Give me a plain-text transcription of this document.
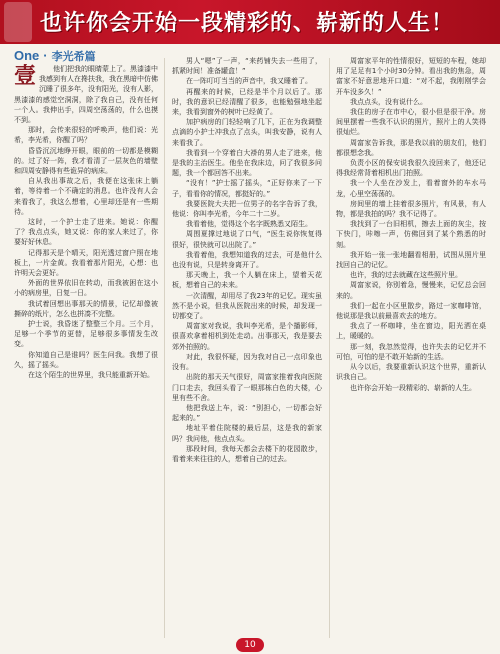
也许你会开始一段精彩的、崭新的人生！
One · 李光希篇
壹	他们把我的眼睛蒙上了。黑漆漆中我感到有人在搀扶我，我在黑暗中仿佛沉睡了很多年，没有阳光，没有人影，黑漆漆的感觉空洞洞，除了我自己，没有任何一个人。我伸出手，四周空荡荡的，什么也摸不到。

那时，会传来很轻的呼唤声，他们说：光希，李光希，你醒了吗？

昏昏沉沉地睁开眼，眼前的一切都是模糊的。过了好一阵，我才看清了一层灰色的墙壁和四周安静得有些诡异的病床。

自从我出事故之后，我便在这张床上躺着，等待着一个不确定的消息。也许没有人会来看我了，我这么想着，心里却还是有一些期待。

这时，一个护士走了进来。她说：你醒了？我点点头，她又说：你的家人来过了，你要好好休息。

记得那天是个晴天，阳光透过窗户照在地板上，一片金黄。我看着那片阳光，心想：也许明天会更好。

外面的世界依旧在转动，而我被困在这小小的病房里，日复一日。

我试着回想出事那天的情景，记忆却像被撕碎的纸片，怎么也拼凑不完整。

护士说，我昏迷了整整三个月。三个月，足够一个季节的更替，足够很多事情发生改变。

你知道自己是谁吗？医生问我。我想了很久，摇了摇头。

在这个陌生的世界里，我只能重新开始。

男人“嗯”了一声，“来药铺失去一些用了，抓紧时间！准备罐盒！”

在一阵叮叮当当的声音中，我又睡着了。

再醒来的时候，已经是半个月以后了。那时，我的意识已经清醒了很多，也能勉强地坐起来，我看到窗外的树叶已经黄了。

加护病房的门轻轻响了几下，正在为我调整点滴的小护士冲我点了点头，叫我安静，说有人来看我了。

我看到一个穿着白大褂的男人走了进来，他是我的主治医生。他坐在我床边，问了我很多问题，我一个都回答不出来。

“没有！”护士摇了摇头，“正好你来了一下子，看看你的情况，都挺好的。”

我要医院大夫把一位男子的名字告诉了我，他说：你叫李光希，今年二十二岁。

我看着他，觉得这个名字既熟悉又陌生。

周围夏撑过地说了口气，“医生说你恢复得很好，很快就可以出院了。”

我看着他，我想知道我的过去，可是他什么也没有说，只是转身离开了。

那天晚上，我一个人躺在床上，望着天花板，想着自己的未来。

一次清醒，却用尽了我23年的记忆。现实虽然不是小说，但我从医院出来的时候，却发现一切都变了。

周富家对我说，我叫李光希，是个播影师，很喜欢拿着相机到处走动。出事那天，我是要去郊外拍照的。

对此，我很怀疑，因为我对自己一点印象也没有。

出院的那天天气很好，周富家推着我向医院门口走去，我回头看了一眼那栋白色的大楼，心里有些不舍。

他把我送上车，说：“别担心，一切都会好起来的。”

地址平着住院楼的最后层，这是我的新家吗？我问他，他点点头。

那段时间，我每天都会去楼下的花园散步，看着来来往往的人，想着自己的过去。

周富家平年的性情很好，短短的车程，她却用了足足有1个小时30分钟。看出我的焦急，周富家不好意思地开口道：“对不起，我刚刚学会开车没多久！”

我点点头，没有说什么。

我住的房子在市中心，很小但是很干净。房间里摆着一些我不认识的照片，照片上的人笑得很灿烂。

周富家告诉我，那是我以前的朋友们，他们都很想念我。

负责小区的保安说我很久没回来了，他还记得我经常背着相机出门拍照。

我一个人坐在沙发上，看着窗外的车水马龙，心里空荡荡的。

房间里的墙上挂着很多照片，有风景，有人物，都是我拍的吗？我不记得了。

我找到了一台旧相机，擦去上面的灰尘，按下快门，咔嚓一声，仿佛回到了某个熟悉的时刻。

我开始一张一张地翻看相册，试图从照片里找回自己的记忆。

也许，我的过去就藏在这些照片里。

周富家说，你别着急，慢慢来，记忆总会回来的。

我们一起在小区里散步，路过一家咖啡馆，他说那是我以前最喜欢去的地方。

我点了一杯咖啡，坐在窗边，阳光洒在桌上，暖暖的。

那一刻，我忽然觉得，也许失去的记忆并不可怕，可怕的是不敢开始新的生活。

从今以后，我要重新认识这个世界，重新认识我自己。

也许你会开始一段精彩的、崭新的人生。

10
